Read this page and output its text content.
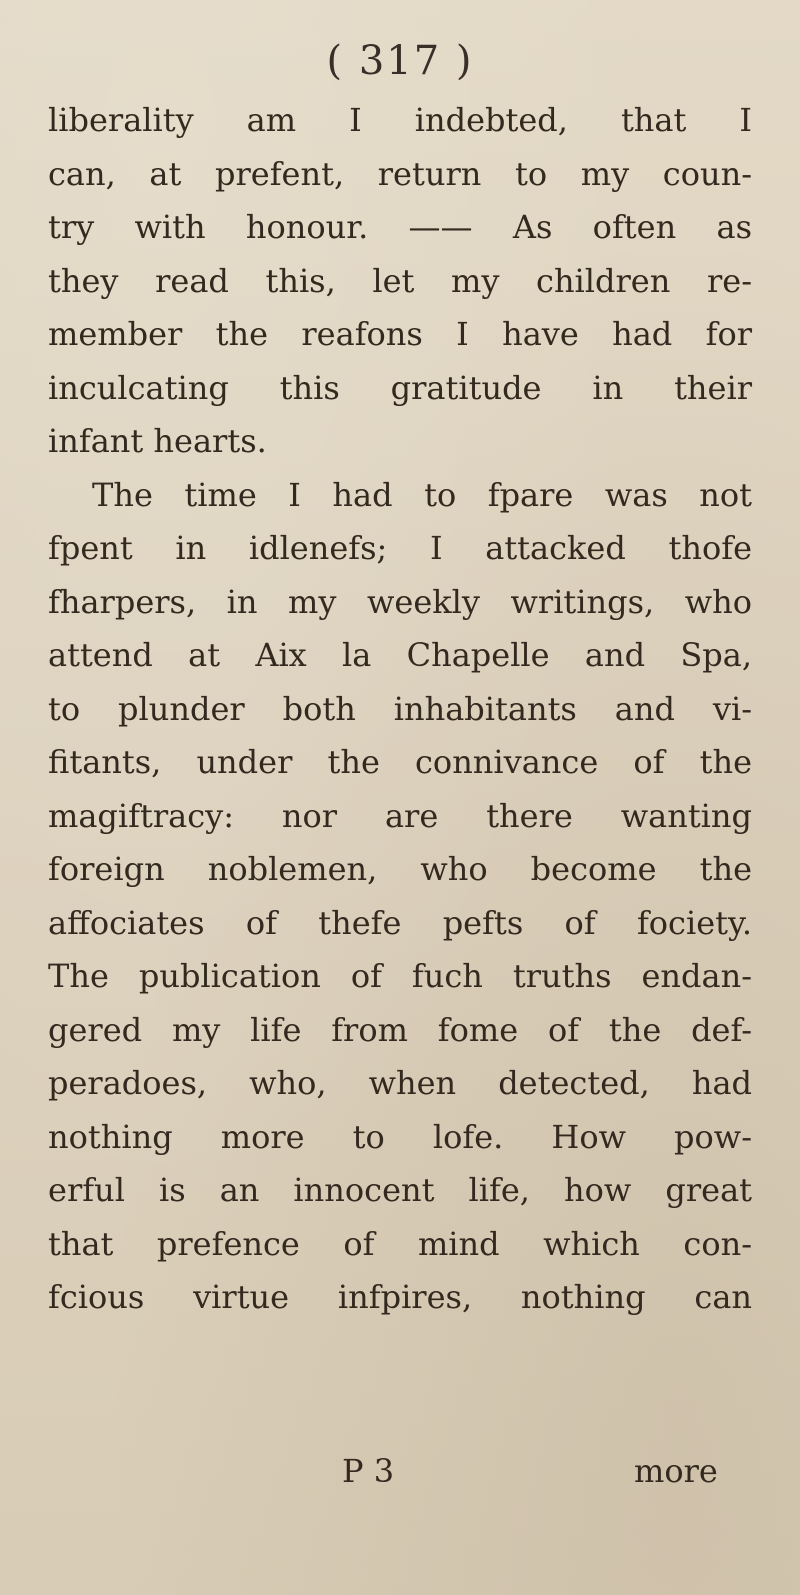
( 317 )
liberality am I indebted, that I
can, at prefent, return to my coun-
try with honour. —— As often as
they read this, let my children re-
member the reafons I have had for
inculcating this gratitude in their
infant hearts.
The time I had to fpare was not
fpent in idlenefs; I attacked thofe
fharpers, in my weekly writings, who
attend at Aix la Chapelle and Spa,
to plunder both inhabitants and vi-
fitants, under the connivance of the
magiftracy: nor are there wanting
foreign noblemen, who become the
affociates of thefe pefts of fociety.
The publication of fuch truths endan-
gered my life from fome of the def-
peradoes, who, when detected, had
nothing more to lofe. How pow-
erful is an innocent life, how great
that prefence of mind which con-
fcious virtue infpires, nothing can
P 3	more
